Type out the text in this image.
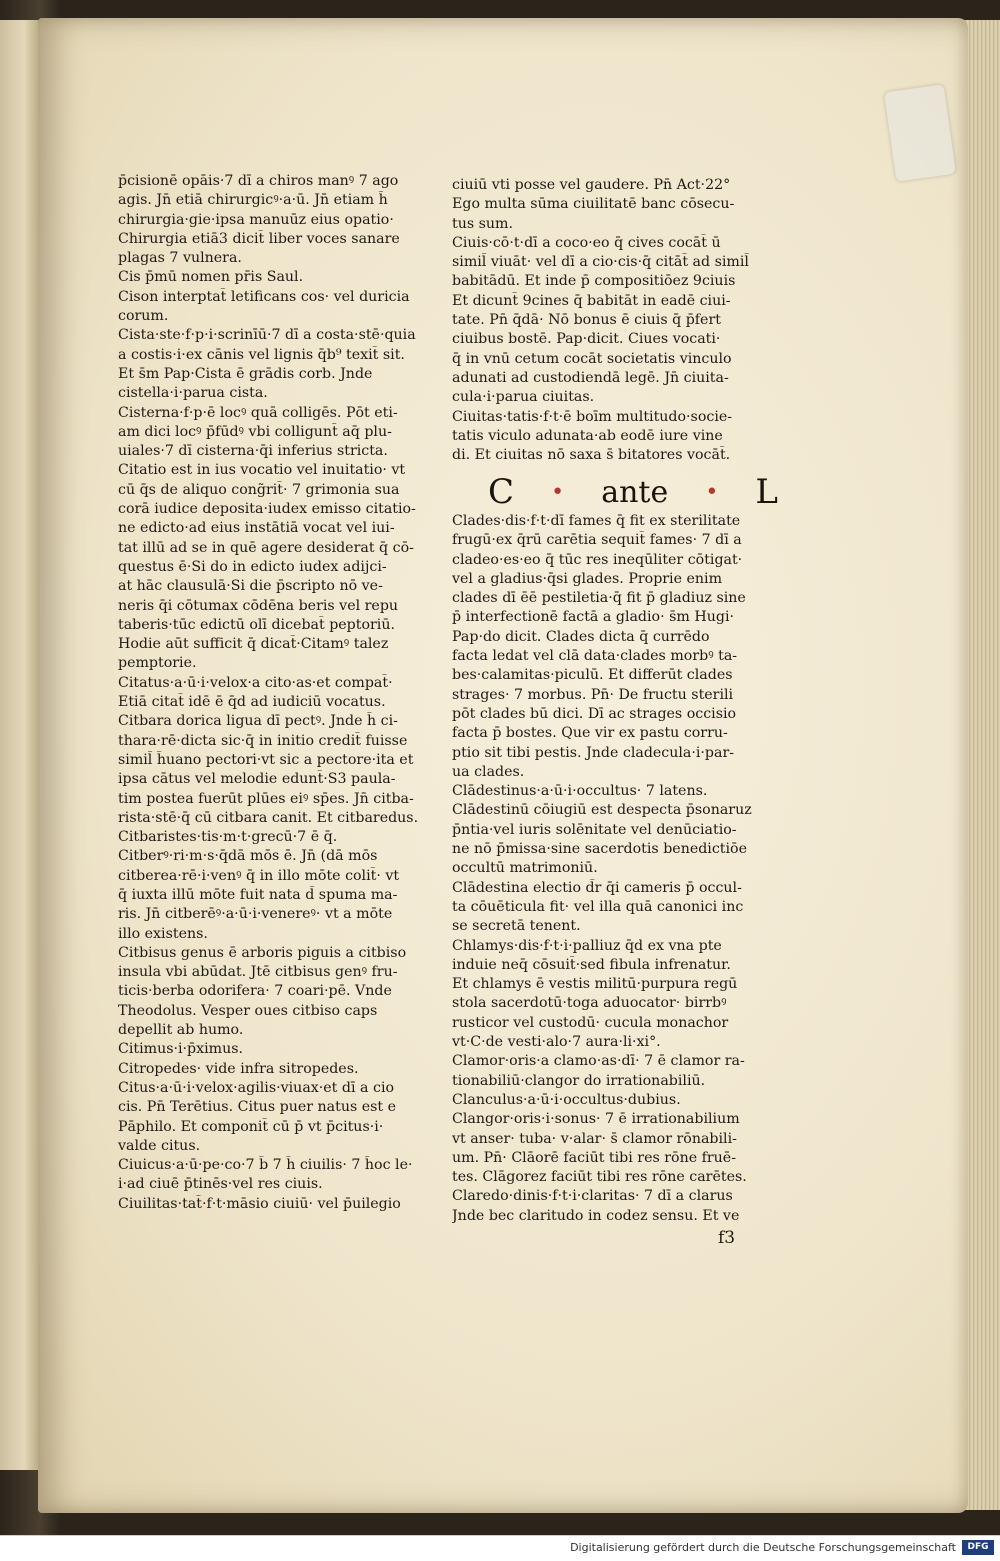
p̄cisionē opāis·7 dī a chiros manꝰ 7 ago
agis. Jn̄ etiā chirurgicꝰ·a·ū. Jn̄ etiam h̄
chirurgia·gie·ipsa manuūz eius opatio·
Chirurgia etiā3 dicit̄ liber voces sanare
plagas 7 vulnera.
Cis p̄mū nomen pr̄is Saul.
Cison interptat̄ letificans cos· vel duricia
corum.
Cista·ste·f·p·i·scrinīū·7 dī a costa·stē·quia
a costis·i·ex cānis vel lignis q̄b⁹ texit̄ sit.
Et s̄m Pap·Cista ē grādis corb. Jnde
cistella·i·parua cista.
Cisterna·f·p·ē locꝰ quā colligēs. Pōt eti-
am dici locꝰ p̄fūdꝰ vbi colligunt̄ aq̄ plu-
uiales·7 dī cisterna·q̄i inferius stricta.
Citatio est in ius vocatio vel inuitatio· vt
cū q̄s de aliquo cong̃rit̄· 7 grimonia sua
corā iudice deposita·iudex emisso citatio-
ne edicto·ad eius instātiā vocat vel iui-
tat illū ad se in quē agere desiderat q̄ cō-
questus ē·Si do in edicto iudex adijci-
at hāc clausulā·Si die p̄scripto nō ve-
neris q̄i cōtumax cōdēna beris vel repu
taberis·tūc edictū olī dicebat̄ peptoriū.
Hodie aūt sufficit q̄ dicat̄·Citamꝰ talez
pemptorie.
Citatus·a·ū·i·velox·a cito·as·et compat̄·
Etiā citat̄ idē ē q̄d ad iudiciū vocatus.
Citbara dorica ligua dī pectꝰ. Jnde h̄ ci-
thara·rē·dicta sic·q̄ in initio credit̄ fuisse
simil̄ h̄uano pectori·vt sic a pectore·ita et
ipsa cātus vel melodie edunt̄·S3 paula-
tim postea fuerūt plūes eiꝰ sp̄es. Jn̄ citba-
rista·stē·q̄ cū citbara canit. Et citbaredus.
Citbaristes·tis·m·t·grecū·7 ē q̄.
Citberꝰ·ri·m·s·q̄dā mōs ē. Jn̄ (dā mōs
citberea·rē·i·venꝰ q̄ in illo mōte colit̄· vt
q̄ iuxta illū mōte fuit nata d̄ spuma ma-
ris. Jn̄ citberēꝰ·a·ū·i·venereꝰ· vt a mōte
illo existens.
Citbisus genus ē arboris piguis a citbiso
insula vbi abūdat. Jtē citbisus genꝰ fru-
ticis·berba odorifera· 7 coari·pē. Vnde
Theodolus. Vesper oues citbiso caps
depellit ab humo.
Citimus·i·p̄ximus.
Citropedes· vide infra sitropedes.
Citus·a·ū·i·velox·agilis·viuax·et dī a cio
cis. Pn̄ Terētius. Citus puer natus est e
Pāphilo. Et componit̄ cū p̄ vt p̄citus·i·
valde citus.
Ciuicus·a·ū·pe·co·7 b̄ 7 h̄ ciuilis· 7 h̄oc le·
i·ad ciuē p̄tinēs·vel res ciuis.
Ciuilitas·tat̄·f·t·māsio ciuiū· vel p̄uilegio
ciuiū vti posse vel gaudere. Pn̄ Act·22°
Ego multa sūma ciuilitatē banc cōsecu-
tus sum.
Ciuis·cō·t·dī a coco·eo q̄ cives cocāt̄ ū
simil̄ viuāt· vel dī a cio·cis·q̄ citāt̄ ad simil̄
babitādū. Et inde p̄ compositiōez 9ciuis
Et dicunt̄ 9cines q̄ babitāt in eadē ciui-
tate. Pn̄ q̄dā· Nō bonus ē ciuis q̄ p̄fert
ciuibus bostē. Pap·dicit. Ciues vocati·
q̄ in vnū cetum cocāt societatis vinculo
adunati ad custodiendā legē. Jn̄ ciuita-
cula·i·parua ciuitas.
Ciuitas·tatis·f·t·ē boīm multitudo·socie-
tatis viculo adunata·ab eodē iure vine
di. Et ciuitas nō saxa s̄ bitatores vocāt̄.
C • ante • L
Clades·dis·f·t·dī fames q̄ fit ex sterilitate
frugū·ex q̄rū carētia sequit̄ fames· 7 dī a
cladeo·es·eo q̄ tūc res ineqūliter cōtigat·
vel a gladius·q̄si glades. Proprie enim
clades dī ēē pestiletia·q̄ fit p̄ gladiuz sine
p̄ interfectionē factā a gladio· s̄m Hugi·
Pap·do dicit. Clades dicta q̄ currēdo
facta ledat vel clā data·clades morbꝰ ta-
bes·calamitas·piculū. Et differūt clades
strages· 7 morbus. Pn̄· De fructu sterili
pōt clades bū dici. Dī ac strages occisio
facta p̄ bostes. Que vir ex pastu corru-
ptio sit tibi pestis. Jnde cladecula·i·par-
ua clades.
Clādestinus·a·ū·i·occultus· 7 latens.
Clādestinū cōiugiū est despecta p̄sonaruz
p̄ntia·vel iuris solēnitate vel denūciatio-
ne nō p̄missa·sine sacerdotis benedictiōe
occultū matrimoniū.
Clādestina electio d̄r q̄i cameris p̄ occul-
ta cōuēticula fit· vel illa quā canonici inc
se secretā tenent.
Chlamys·dis·f·t·i·palliuz q̄d ex vna pte
induie neq̄ cōsuit̄·sed fibula infrenatur.
Et chlamys ē vestis militū·purpura regū
stola sacerdotū·toga aduocator· birrbꝰ
rusticor vel custodū· cucula monachor
vt·C·de vesti·alo·7 aura·li·xi°.
Clamor·oris·a clamo·as·dī· 7 ē clamor ra-
tionabiliū·clangor do irrationabiliū.
Clanculus·a·ū·i·occultus·dubius.
Clangor·oris·i·sonus· 7 ē irrationabilium
vt anser· tuba· v·alar· s̄ clamor rōnabili-
um. Pn̄· Clāorē faciūt tibi res rōne fruē-
tes. Clāgorez faciūt tibi res rōne carētes.
Claredo·dinis·f·t·i·claritas· 7 dī a clarus
Jnde bec claritudo in codez sensu. Et ve
f3
Digitalisierung gefördert durch die Deutsche Forschungsgemeinschaft	DFG
